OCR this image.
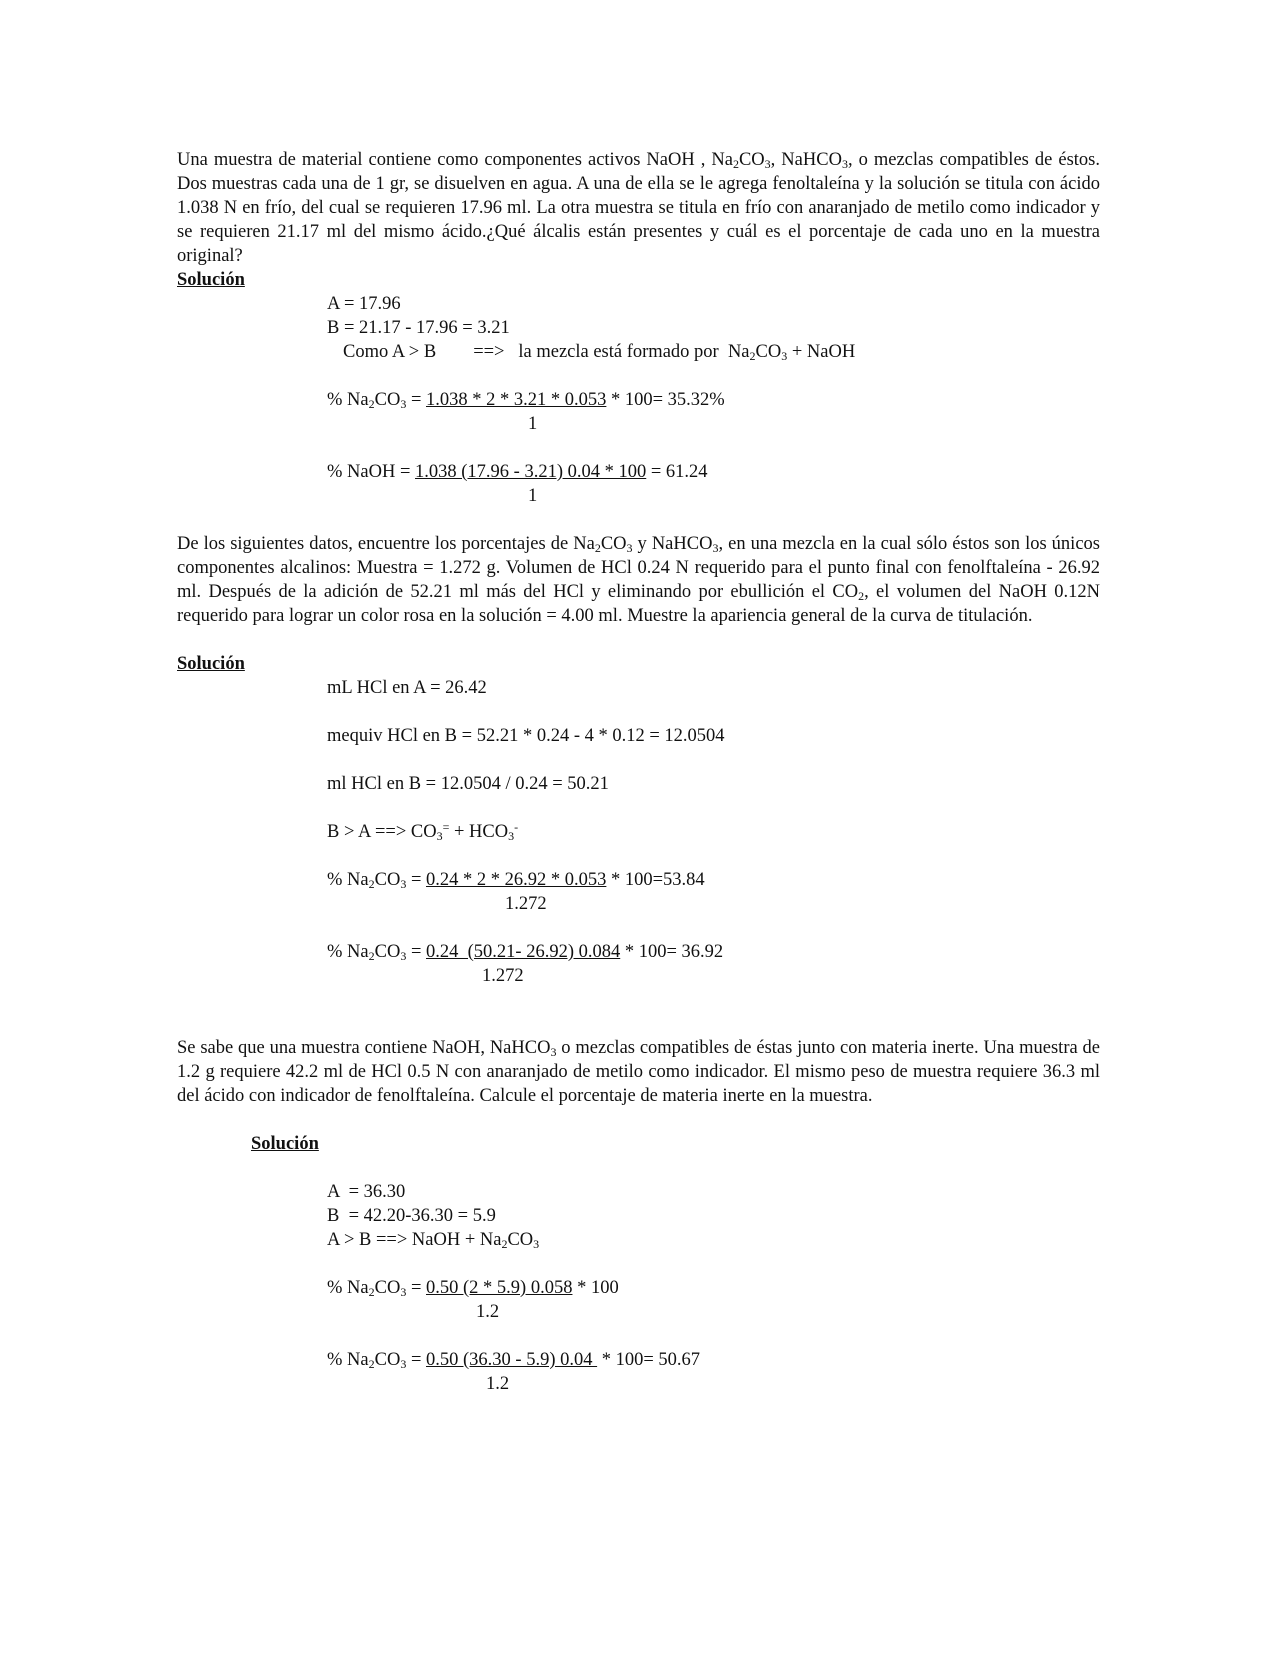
Una muestra de material contiene como componentes activos NaOH , $Na_2CO_3$, NaHCO$_3$, o mezclas compatibles de éstos. Dos muestras cada una de 1 gr, se disuelven en agua. A una de ella se le agrega fenoltaleína y la solución se titula con ácido 1.038 N en frío, del cual se requieren 17.96 ml. La otra muestra se titula en frío con anaranjado de metilo como indicador y se requieren 21.17 ml del mismo ácido.¿Qué álcalis están presentes y cuál es el porcentaje de cada uno en la muestra original?

Solución

A = 17.96

B = 21.17 - 17.96 = 3.21

Como A > B        ==>   la mezcla está formado por  $Na_2CO_3$ + NaOH

% $Na_2CO_3 = 1.038 * 2 * 3.21 * 0.053 * 100= 35.32\%$

1

% NaOH = 1.038 (17.96 - 3.21) 0.04 * 100 = 61.24

1

De los siguientes datos, encuentre los porcentajes de $Na_2CO_3$ y NaHCO$_3$, en una mezcla en la cual sólo éstos son los únicos componentes alcalinos: Muestra = 1.272 g. Volumen de HCl 0.24 N requerido para el punto final con fenolftaleína - 26.92 ml. Después de la adición de 52.21 ml más del HCl y eliminando por ebullición el $CO_2$, el volumen del NaOH 0.12N requerido para lograr un color rosa en la solución = 4.00 ml. Muestre la apariencia general de la curva de titulación.

Solución

mL HCl en A = 26.42

mequiv HCl en B = 52.21 * 0.24 - 4 * 0.12 = 12.0504

ml HCl en B = 12.0504 / 0.24 = 50.21

B > A ==> $CO_3^= + HCO_3^-$

% $Na_2CO_3 = 0.24 * 2 * 26.92 * 0.053 * 100=53.84$

1.272

% $Na_2CO_3 = 0.24$  (50.21- 26.92) 0.084 * 100= 36.92

1.272

Se sabe que una muestra contiene NaOH, NaHCO$_3$ o mezclas compatibles de éstas junto con materia inerte. Una muestra de 1.2 g requiere 42.2 ml de HCl 0.5 N con anaranjado de metilo como indicador. El mismo peso de muestra requiere 36.3 ml del ácido con indicador de fenolftaleína. Calcule el porcentaje de materia inerte en la muestra.

Solución

A  = 36.30

B  = 42.20-36.30 = 5.9

A > B ==> NaOH + $Na_2CO_3$

% $Na_2CO_3 = 0.50$ (2 * 5.9) 0.058 * 100

1.2

% $Na_2CO_3 = 0.50$ (36.30 - 5.9) 0.04  * 100= 50.67

1.2
